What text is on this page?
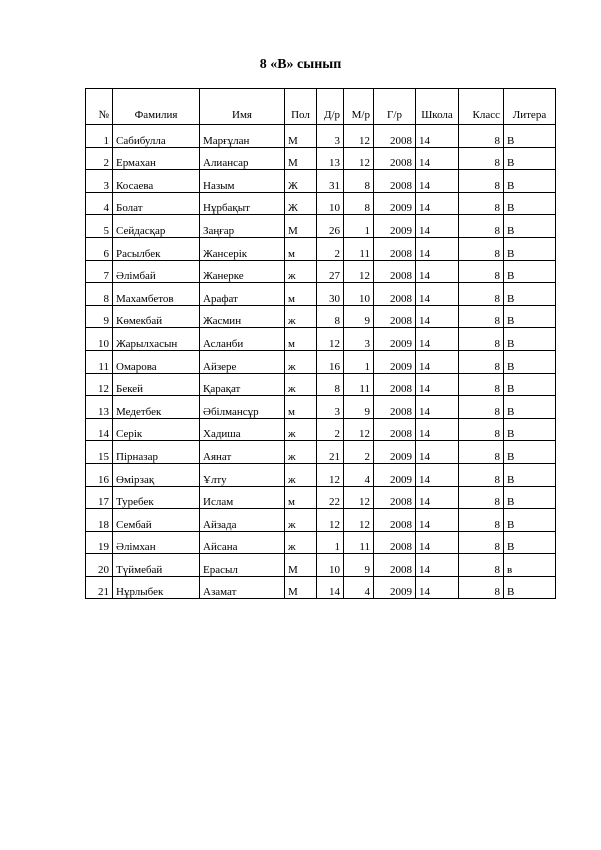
8 «В» сынып
№	Фамилия	Имя	Пол	Д/р	М/р	Г/р	Школа	Класс	Литера
1	Сабибулла	Марғұлан	М	3	12	2008	14	8	В
2	Ермахан	Алиансар	М	13	12	2008	14	8	В
3	Косаева	Назым	Ж	31	8	2008	14	8	В
4	Болат	Нұрбақыт	Ж	10	8	2009	14	8	В
5	Сейдасқар	Заңғар	М	26	1	2009	14	8	В
6	Расылбек	Жансерік	м	2	11	2008	14	8	В
7	Әлімбай	Жанерке	ж	27	12	2008	14	8	В
8	Махамбетов	Арафат	м	30	10	2008	14	8	В
9	Көмекбай	Жасмин	ж	8	9	2008	14	8	В
10	Жарылхасын	Асланби	м	12	3	2009	14	8	В
11	Омарова	Айзере	ж	16	1	2009	14	8	В
12	Бекей	Қарақат	ж	8	11	2008	14	8	В
13	Медетбек	Әбілмансұр	м	3	9	2008	14	8	В
14	Серік	Хадиша	ж	2	12	2008	14	8	В
15	Пірназар	Аянат	ж	21	2	2009	14	8	В
16	Өмірзақ	Ұлту	ж	12	4	2009	14	8	В
17	Туребек	Ислам	м	22	12	2008	14	8	В
18	Сембай	Айзада	ж	12	12	2008	14	8	В
19	Әлімхан	Айсана	ж	1	11	2008	14	8	В
20	Түймебай	Ерасыл	М	10	9	2008	14	8	в
21	Нұрлыбек	Азамат	М	14	4	2009	14	8	В
